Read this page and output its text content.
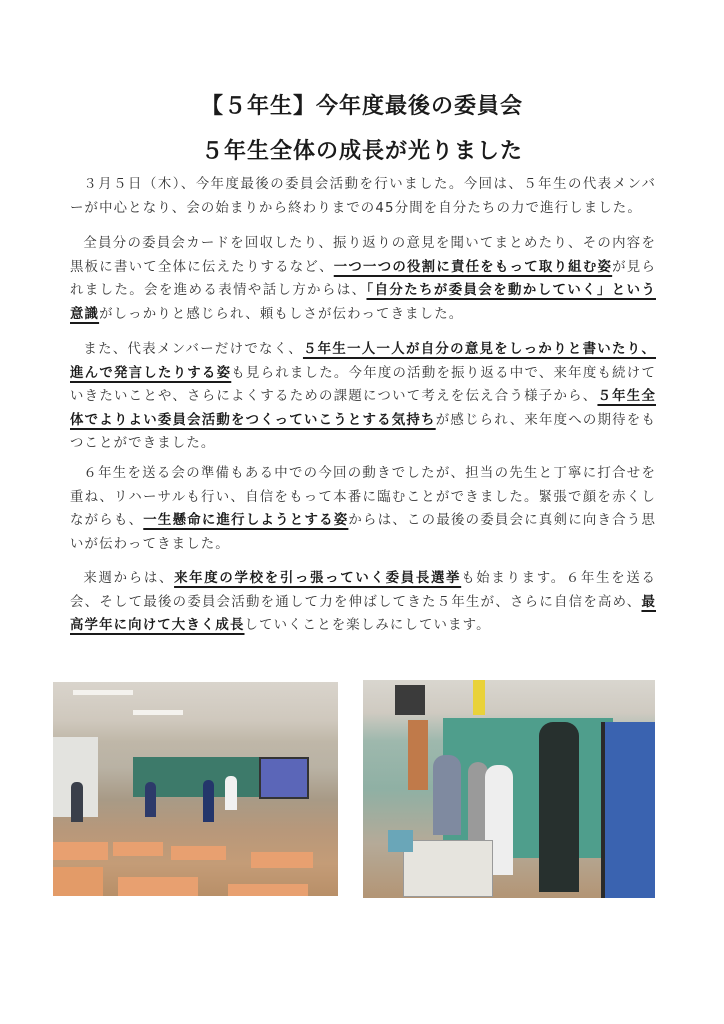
【５年生】今年度最後の委員会
５年生全体の成長が光りました

３月５日（木）、今年度最後の委員会活動を行いました。今回は、５年生の代表メンバーが中心となり、会の始まりから終わりまでの45分間を自分たちの力で進行しました。

全員分の委員会カードを回収したり、振り返りの意見を聞いてまとめたり、その内容を黒板に書いて全体に伝えたりするなど、一つ一つの役割に責任をもって取り組む姿が見られました。会を進める表情や話し方からは、「自分たちが委員会を動かしていく」という意識がしっかりと感じられ、頼もしさが伝わってきました。

また、代表メンバーだけでなく、５年生一人一人が自分の意見をしっかりと書いたり、進んで発言したりする姿も見られました。今年度の活動を振り返る中で、来年度も続けていきたいことや、さらによくするための課題について考えを伝え合う様子から、５年生全体でよりよい委員会活動をつくっていこうとする気持ちが感じられ、来年度への期待をもつことができました。

６年生を送る会の準備もある中での今回の動きでしたが、担当の先生と丁寧に打合せを重ね、リハーサルも行い、自信をもって本番に臨むことができました。緊張で顔を赤くしながらも、一生懸命に進行しようとする姿からは、この最後の委員会に真剣に向き合う思いが伝わってきました。

来週からは、来年度の学校を引っ張っていく委員長選挙も始まります。６年生を送る会、そして最後の委員会活動を通して力を伸ばしてきた５年生が、さらに自信を高め、最高学年に向けて大きく成長していくことを楽しみにしています。
